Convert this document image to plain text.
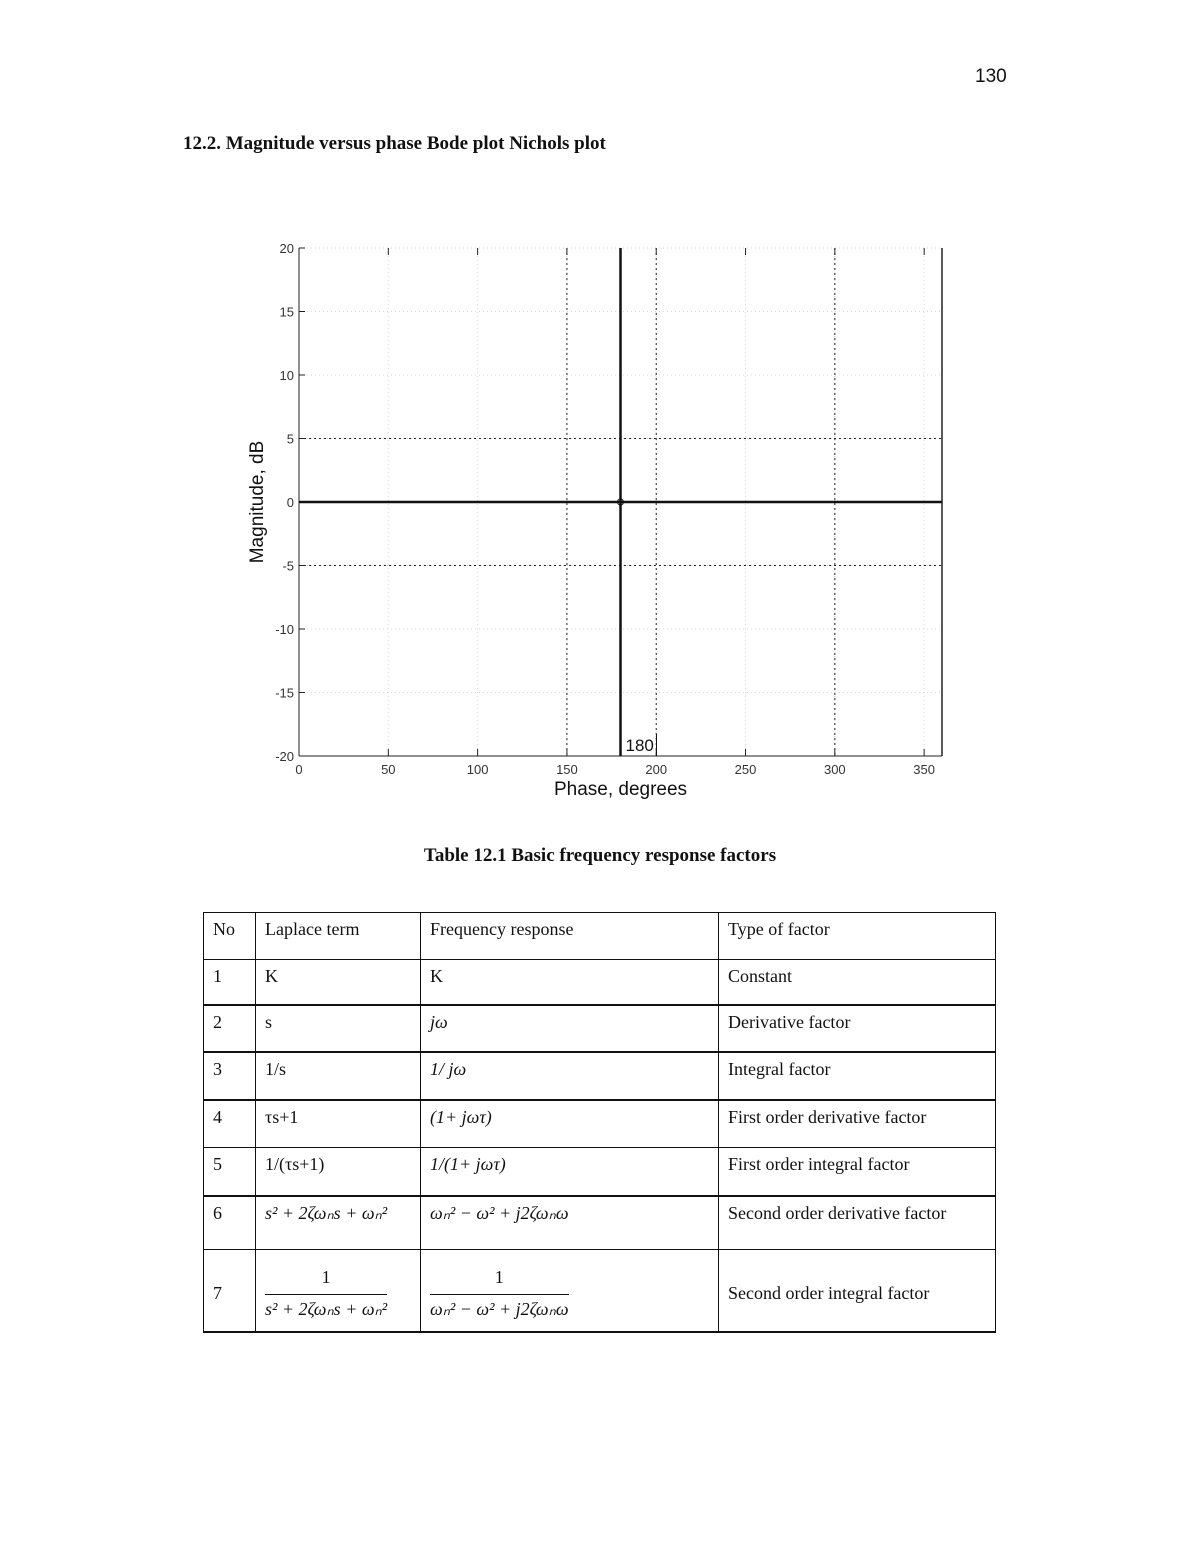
130
12.2. Magnitude versus phase Bode plot Nichols plot
0	50	100	150	200	250	300	350
-20
-15
-10
-5
0
5
10
15
20
180
Phase, degrees
Magnitude, dB
Table 12.1 Basic frequency response factors
No	Laplace term	Frequency response	Type of factor
1	K	K	Constant
2	s	jω	Derivative factor
3	1/s	1/ jω	Integral factor
4	τs+1	(1+ jωτ)	First order derivative factor
5	1/(τs+1)	1/(1+ jωτ)	First order integral factor
6	s² + 2ζωₙs + ωₙ²	ωₙ² − ω² + j2ζωₙω	Second order derivative factor
7	$\frac{1}{\text{s² + 2ζωₙs + ωₙ²}}$	$\frac{1}{\text{ωₙ² − ω² + j2ζωₙω}}$	Second order integral factor
